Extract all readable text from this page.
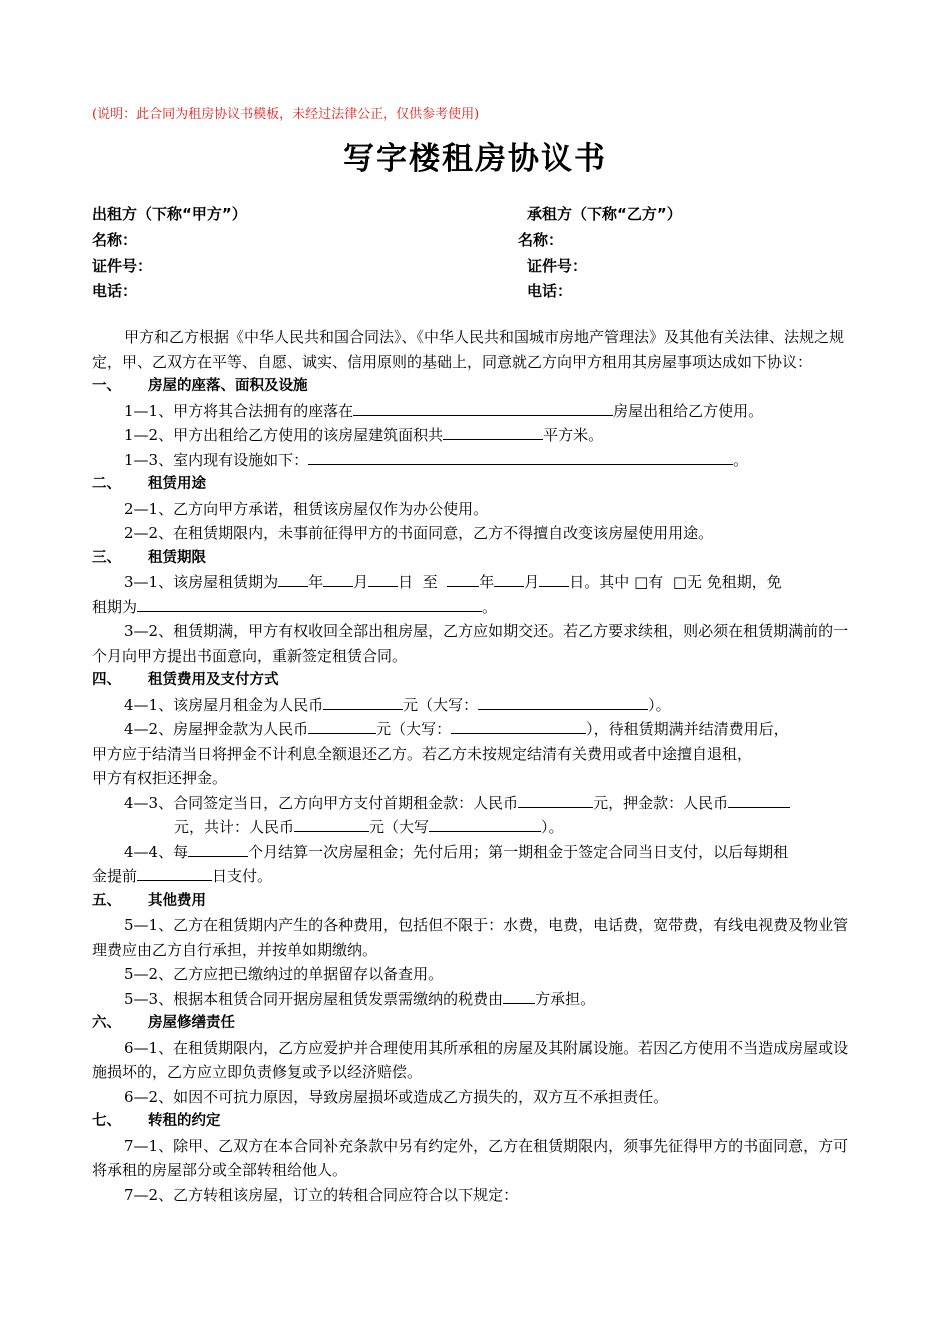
(说明：此合同为租房协议书模板，未经过法律公正，仅供参考使用)
写字楼租房协议书
出租方（下称“甲方”）	承租方（下称“乙方”）
名称：	名称：
证件号：	证件号：
电话：	电话：

甲方和乙方根据《中华人民共和国合同法》、《中华人民共和国城市房地产管理法》及其他有关法律、法规之规定，甲、乙双方在平等、自愿、诚实、信用原则的基础上，同意就乙方向甲方租用其房屋事项达成如下协议：

一、 房屋的座落、面积及设施
1—1、甲方将其合法拥有的座落在	房屋出租给乙方使用。
1—2、甲方出租给乙方使用的该房屋建筑面积共	平方米。
1—3、室内现有设施如下：	。
二、 租赁用途
2—1、乙方向甲方承诺，租赁该房屋仅作为办公使用。
2—2、在租赁期限内，未事前征得甲方的书面同意，乙方不得擅自改变该房屋使用用途。
三、 租赁期限
3—1、该房屋租赁期为 年 月 日 至	年 月 日。其中 □有 □无 免租期，免
租期为	。

3—2、租赁期满，甲方有权收回全部出租房屋，乙方应如期交还。若乙方要求续租，则必须在租赁期满前的一个月向甲方提出书面意向，重新签定租赁合同。

四、 租赁费用及支付方式
4—1、该房屋月租金为人民币	元（大写：	）。
4—2、房屋押金款为人民币	元（大写：	），待租赁期满并结清费用后，
甲方应于结清当日将押金不计利息全额退还乙方。若乙方未按规定结清有关费用或者中途擅自退租，
甲方有权拒还押金。
4—3、合同签定当日，乙方向甲方支付首期租金款：人民币	元，押金款：人民币
元，共计：人民币	元（大写	）。
4—4、每	个月结算一次房屋租金；先付后用；第一期租金于签定合同当日支付，以后每期租
金提前	日支付。
五、 其他费用

5—1、乙方在租赁期内产生的各种费用，包括但不限于：水费，电费，电话费，宽带费，有线电视费及物业管理费应由乙方自行承担，并按单如期缴纳。

5—2、乙方应把已缴纳过的单据留存以备查用。
5—3、根据本租赁合同开据房屋租赁发票需缴纳的税费由 方承担。
六、 房屋修缮责任

6—1、在租赁期限内，乙方应爱护并合理使用其所承租的房屋及其附属设施。若因乙方使用不当造成房屋或设施损坏的，乙方应立即负责修复或予以经济赔偿。

6—2、如因不可抗力原因，导致房屋损坏或造成乙方损失的，双方互不承担责任。
七、 转租的约定

7—1、除甲、乙双方在本合同补充条款中另有约定外，乙方在租赁期限内，须事先征得甲方的书面同意，方可将承租的房屋部分或全部转租给他人。

7—2、乙方转租该房屋，订立的转租合同应符合以下规定：
